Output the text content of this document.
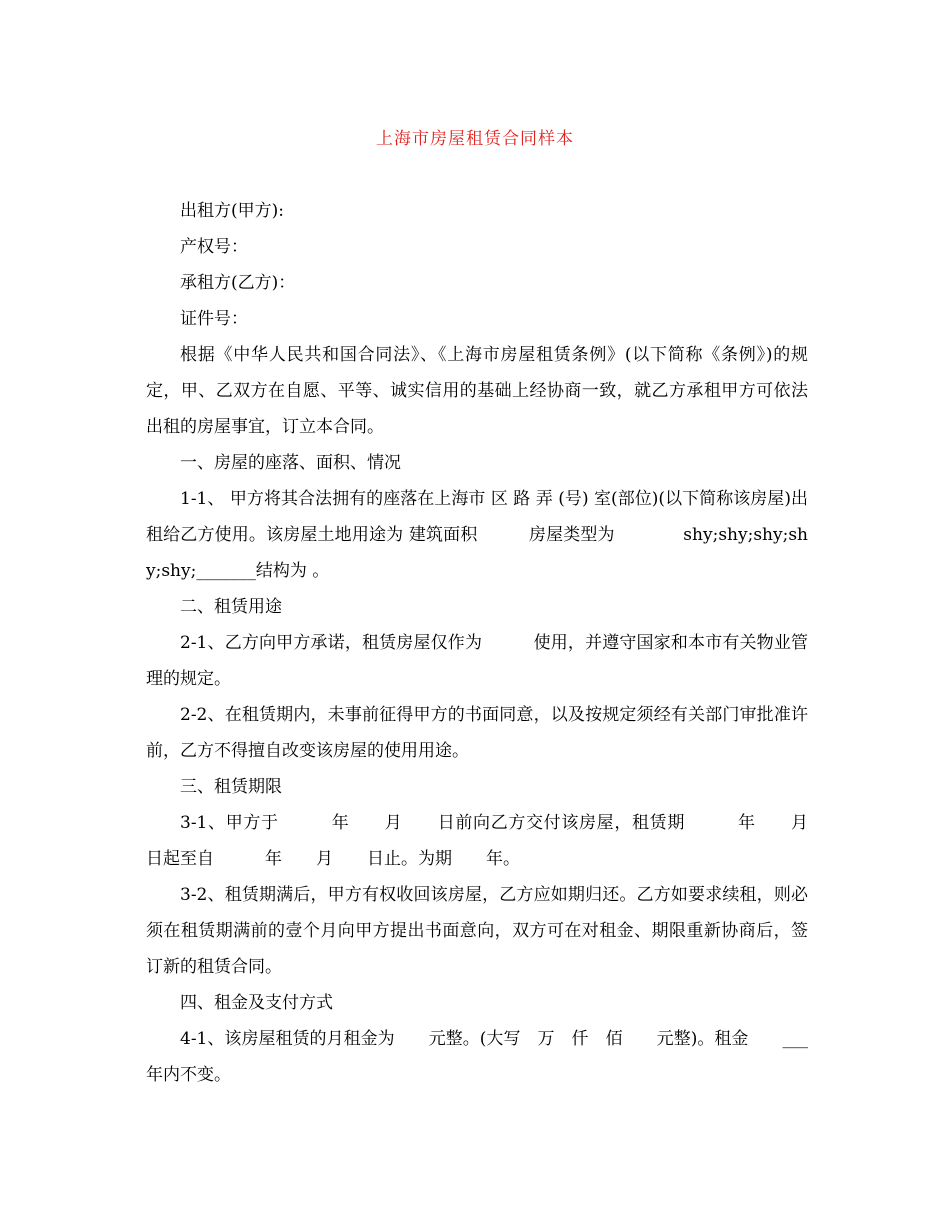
上海市房屋租赁合同样本

出租方(甲方):

产权号：

承租方(乙方)：

证件号：

根据《中华人民共和国合同法》、《上海市房屋租赁条例》(以下简称《条例》)的规定，甲、乙双方在自愿、平等、诚实信用的基础上经协商一致，就乙方承租甲方可依法出租的房屋事宜，订立本合同。

一、房屋的座落、面积、情况

1-1、 甲方将其合法拥有的座落在上海市 区 路 弄 (号) 室(部位)(以下简称该房屋)出租给乙方使用。该房屋土地用途为 建筑面积　　　房屋类型为　　　　shy;shy;shy;shy;shy;_______结构为 。

二、租赁用途

2-1、乙方向甲方承诺，租赁房屋仅作为　　　使用，并遵守国家和本市有关物业管理的规定。

2-2、在租赁期内，未事前征得甲方的书面同意，以及按规定须经有关部门审批准许前，乙方不得擅自改变该房屋的使用用途。

三、租赁期限

3-1、甲方于　　　年　　月　　日前向乙方交付该房屋，租赁期　　　年　　月　　日起至自　　　年　　月　　日止。为期　　年。

3-2、租赁期满后，甲方有权收回该房屋，乙方应如期归还。乙方如要求续租，则必须在租赁期满前的壹个月向甲方提出书面意向，双方可在对租金、期限重新协商后，签订新的租赁合同。

四、租金及支付方式

4-1、该房屋租赁的月租金为　　元整。(大写　万　仟　佰　　元整)。租金　　___年内不变。
